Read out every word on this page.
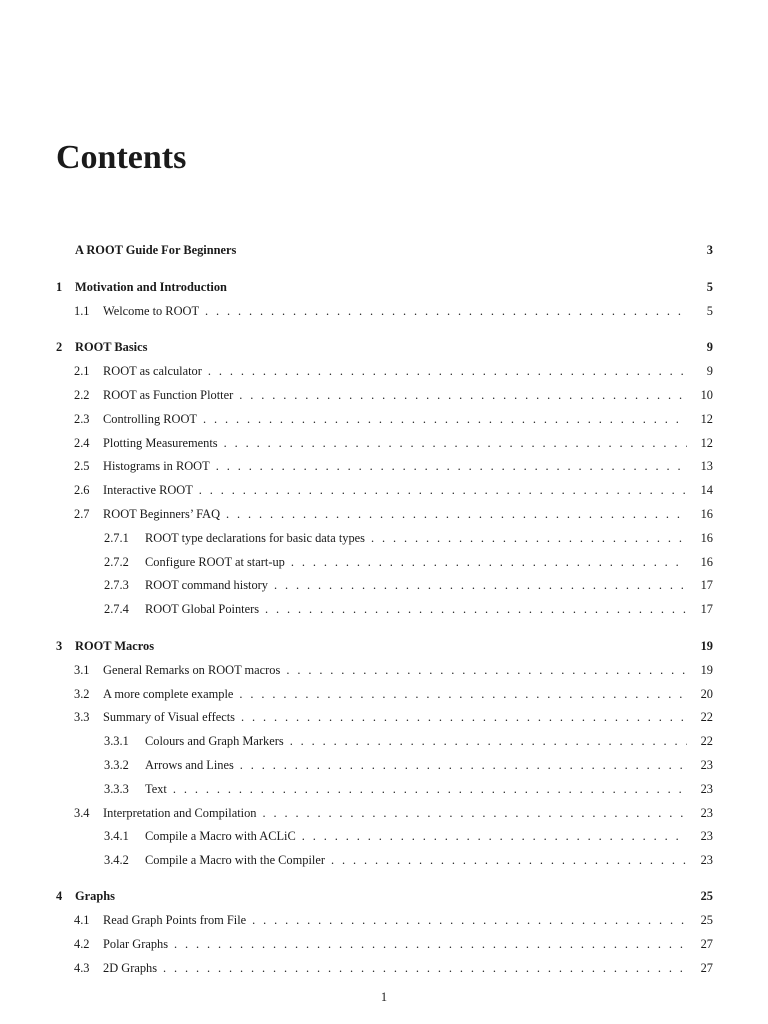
Contents
A ROOT Guide For Beginners	3
1	Motivation and Introduction	5
1.1	Welcome to ROOT . . .	5
2	ROOT Basics	9
2.1	ROOT as calculator . . .	9
2.2	ROOT as Function Plotter . . .	10
2.3	Controlling ROOT . . .	12
2.4	Plotting Measurements . . .	12
2.5	Histograms in ROOT . . .	13
2.6	Interactive ROOT . . .	14
2.7	ROOT Beginners’ FAQ . . .	16
2.7.1	ROOT type declarations for basic data types . . .	16
2.7.2	Configure ROOT at start-up . . .	16
2.7.3	ROOT command history . . .	17
2.7.4	ROOT Global Pointers . . .	17
3	ROOT Macros	19
3.1	General Remarks on ROOT macros . . .	19
3.2	A more complete example . . .	20
3.3	Summary of Visual effects . . .	22
3.3.1	Colours and Graph Markers . . .	22
3.3.2	Arrows and Lines . . .	23
3.3.3	Text . . .	23
3.4	Interpretation and Compilation . . .	23
3.4.1	Compile a Macro with ACLiC . . .	23
3.4.2	Compile a Macro with the Compiler . . .	23
4	Graphs	25
4.1	Read Graph Points from File . . .	25
4.2	Polar Graphs . . .	27
4.3	2D Graphs . . .	27
1
